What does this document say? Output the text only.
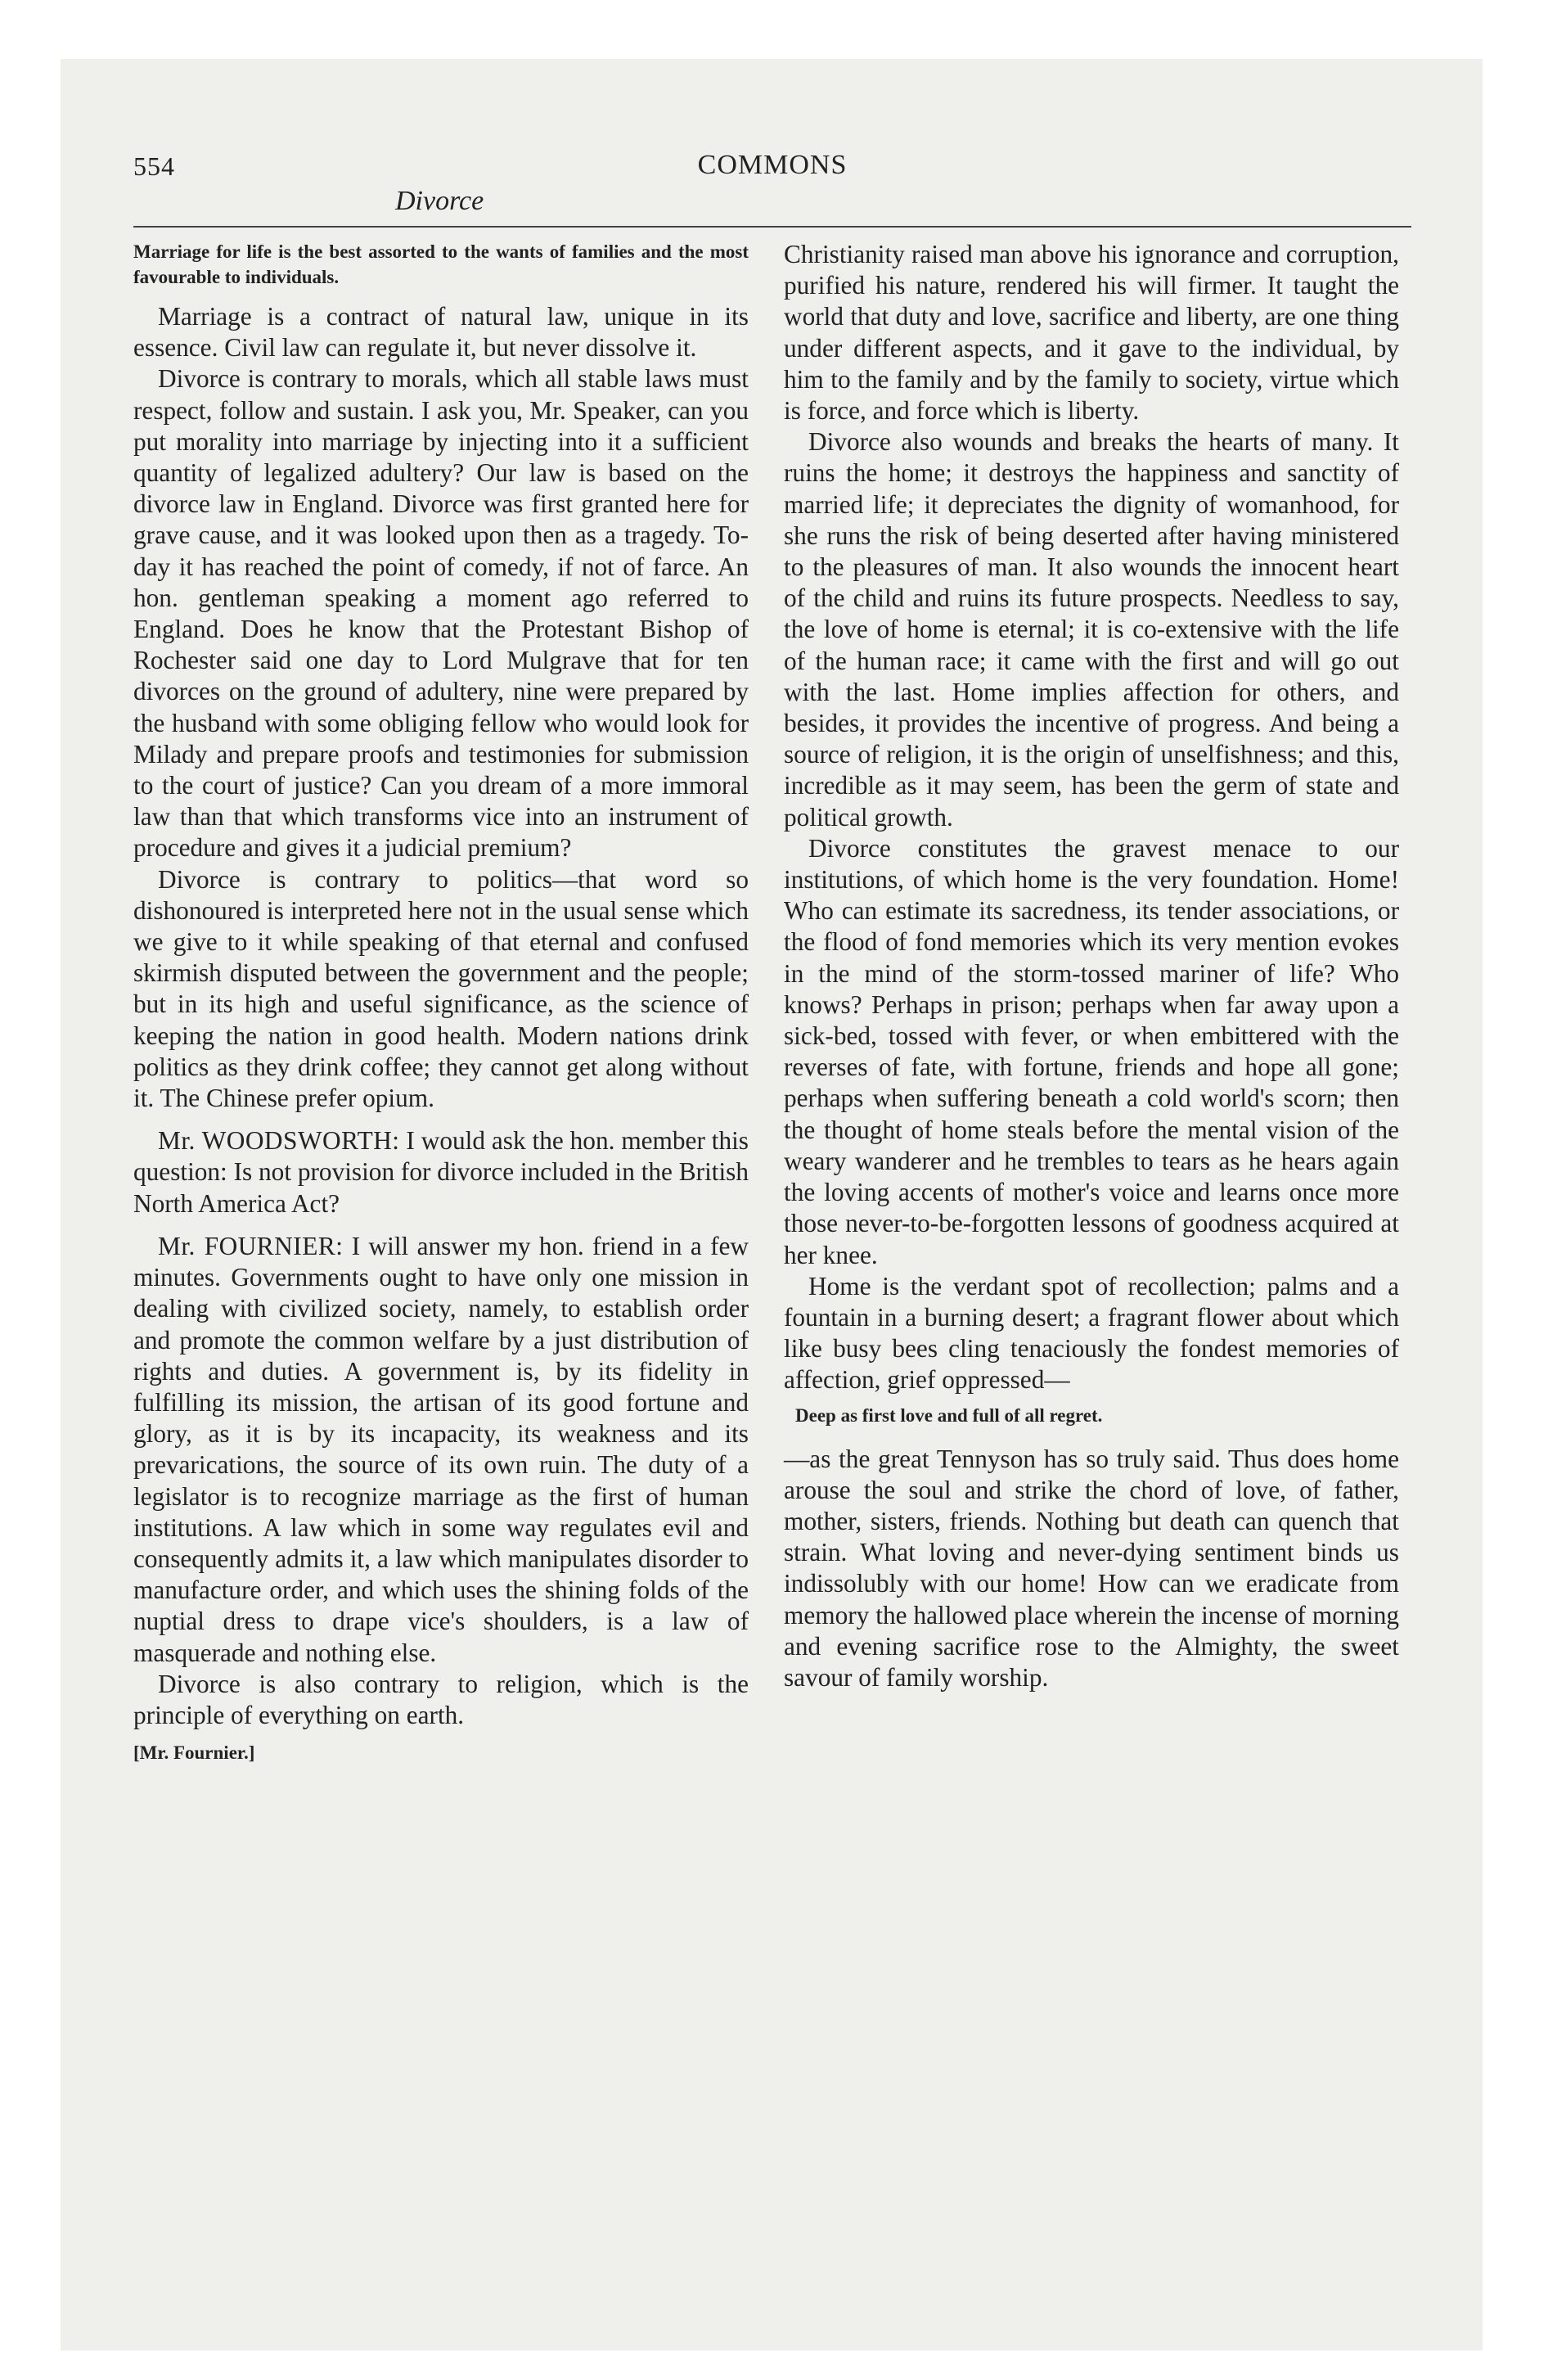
554	COMMONS
Divorce

Marriage for life is the best assorted to the wants of families and the most favourable to individuals.

Marriage is a contract of natural law, unique in its essence. Civil law can regulate it, but never dissolve it.

Divorce is contrary to morals, which all stable laws must respect, follow and sustain. I ask you, Mr. Speaker, can you put morality into marriage by injecting into it a sufficient quantity of legalized adultery? Our law is based on the divorce law in England. Divorce was first granted here for grave cause, and it was looked upon then as a tragedy. To-day it has reached the point of comedy, if not of farce. An hon. gentleman speaking a moment ago referred to England. Does he know that the Protestant Bishop of Rochester said one day to Lord Mulgrave that for ten divorces on the ground of adultery, nine were prepared by the husband with some obliging fellow who would look for Milady and prepare proofs and testimonies for submission to the court of justice? Can you dream of a more immoral law than that which transforms vice into an instrument of procedure and gives it a judicial premium?

Divorce is contrary to politics—that word so dishonoured is interpreted here not in the usual sense which we give to it while speaking of that eternal and confused skirmish disputed between the government and the people; but in its high and useful significance, as the science of keeping the nation in good health. Modern nations drink politics as they drink coffee; they cannot get along without it. The Chinese prefer opium.

Mr. WOODSWORTH: I would ask the hon. member this question: Is not provision for divorce included in the British North America Act?

Mr. FOURNIER: I will answer my hon. friend in a few minutes. Governments ought to have only one mission in dealing with civilized society, namely, to establish order and promote the common welfare by a just distribution of rights and duties. A government is, by its fidelity in fulfilling its mission, the artisan of its good fortune and glory, as it is by its incapacity, its weakness and its prevarications, the source of its own ruin. The duty of a legislator is to recognize marriage as the first of human institutions. A law which in some way regulates evil and consequently admits it, a law which manipulates disorder to manufacture order, and which uses the shining folds of the nuptial dress to drape vice's shoulders, is a law of masquerade and nothing else.

Divorce is also contrary to religion, which is the principle of everything on earth.

[Mr. Fournier.]

Christianity raised man above his ignorance and corruption, purified his nature, rendered his will firmer. It taught the world that duty and love, sacrifice and liberty, are one thing under different aspects, and it gave to the individual, by him to the family and by the family to society, virtue which is force, and force which is liberty.

Divorce also wounds and breaks the hearts of many. It ruins the home; it destroys the happiness and sanctity of married life; it depreciates the dignity of womanhood, for she runs the risk of being deserted after having ministered to the pleasures of man. It also wounds the innocent heart of the child and ruins its future prospects. Needless to say, the love of home is eternal; it is co-extensive with the life of the human race; it came with the first and will go out with the last. Home implies affection for others, and besides, it provides the incentive of progress. And being a source of religion, it is the origin of unselfishness; and this, incredible as it may seem, has been the germ of state and political growth.

Divorce constitutes the gravest menace to our institutions, of which home is the very foundation. Home! Who can estimate its sacredness, its tender associations, or the flood of fond memories which its very mention evokes in the mind of the storm-tossed mariner of life? Who knows? Perhaps in prison; perhaps when far away upon a sick-bed, tossed with fever, or when embittered with the reverses of fate, with fortune, friends and hope all gone; perhaps when suffering beneath a cold world's scorn; then the thought of home steals before the mental vision of the weary wanderer and he trembles to tears as he hears again the loving accents of mother's voice and learns once more those never-to-be-forgotten lessons of goodness acquired at her knee.

Home is the verdant spot of recollection; palms and a fountain in a burning desert; a fragrant flower about which like busy bees cling tenaciously the fondest memories of affection, grief oppressed—

Deep as first love and full of all regret.

—as the great Tennyson has so truly said. Thus does home arouse the soul and strike the chord of love, of father, mother, sisters, friends. Nothing but death can quench that strain. What loving and never-dying sentiment binds us indissolubly with our home! How can we eradicate from memory the hallowed place wherein the incense of morning and evening sacrifice rose to the Almighty, the sweet savour of family worship.
